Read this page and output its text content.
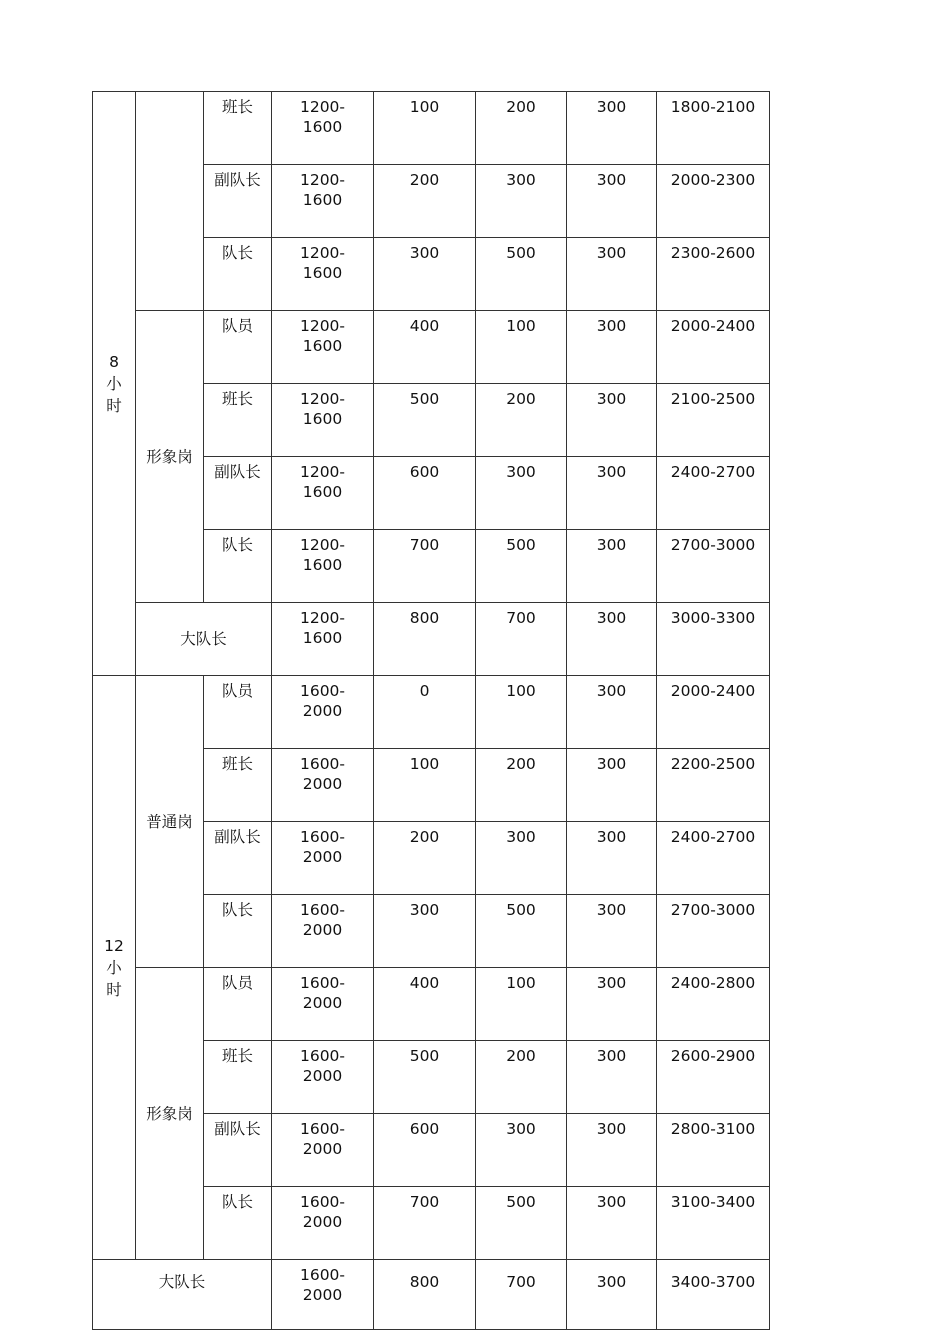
8
小
时		班长	1200-
1600	100	200	300	1800-2100
		副队长	1200-
1600	200	300	300	2000-2300
		队长	1200-
1600	300	500	300	2300-2600
	形象岗	队员	1200-
1600	400	100	300	2000-2400
		班长	1200-
1600	500	200	300	2100-2500
		副队长	1200-
1600	600	300	300	2400-2700
		队长	1200-
1600	700	500	300	2700-3000
	大队长		1200-
1600	800	700	300	3000-3300
12
小
时	普通岗	队员	1600-
2000	0	100	300	2000-2400
		班长	1600-
2000	100	200	300	2200-2500
		副队长	1600-
2000	200	300	300	2400-2700
		队长	1600-
2000	300	500	300	2700-3000
	形象岗	队员	1600-
2000	400	100	300	2400-2800
		班长	1600-
2000	500	200	300	2600-2900
		副队长	1600-
2000	600	300	300	2800-3100
		队长	1600-
2000	700	500	300	3100-3400
大队长			1600-
2000	800	700	300	3400-3700
